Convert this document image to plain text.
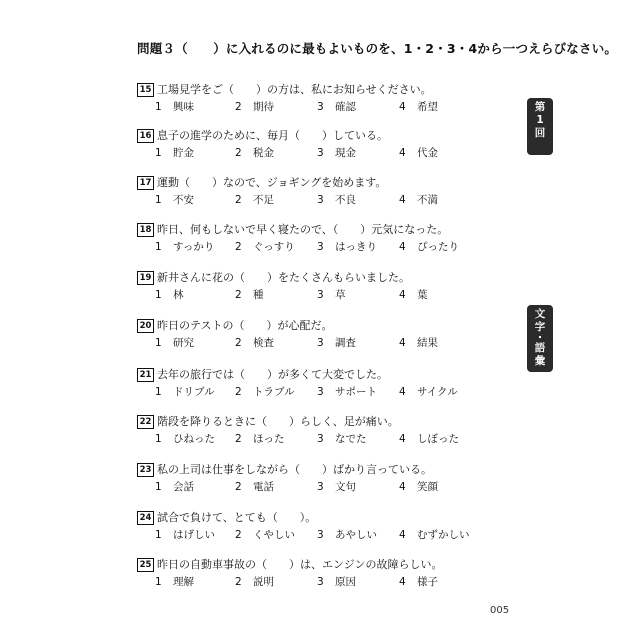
問題３（　　）に入れるのに最もよいものを、1・2・3・4から一つえらびなさい。
15 工場見学をご（　　）の方は、私にお知らせください。
1 興味	2 期待	3 確認	4 希望
16 息子の進学のために、毎月（　　）している。
1 貯金	2 税金	3 現金	4 代金
17 運動（　　）なので、ジョギングを始めます。
1 不安	2 不足	3 不良	4 不満
18 昨日、何もしないで早く寝たので、（　　）元気になった。
1 すっかり 2 ぐっすり 3 はっきり 4 ぴったり
19 新井さんに花の（　　）をたくさんもらいました。
1 林	2 種	3 草	4 葉
20 昨日のテストの（　　）が心配だ。
1 研究	2 検査	3 調査	4 結果
21 去年の旅行では（　　）が多くて大変でした。
1 ドリブル 2 トラブル 3 サポート 4 サイクル
22 階段を降りるときに（　　）らしく、足が痛い。
1 ひねった 2 ほった	3 なでた	4 しぼった
23 私の上司は仕事をしながら（　　）ばかり言っている。
1 会話	2 電話	3 文句	4 笑顔
24 試合で負けて、とても（　　）。
1 はげしい 2 くやしい 3 あやしい 4 むずかしい
25 昨日の自動車事故の（　　）は、エンジンの故障らしい。
1 理解	2 説明	3 原因	4 様子
第
1
回
文
字
・
語
彙
005
